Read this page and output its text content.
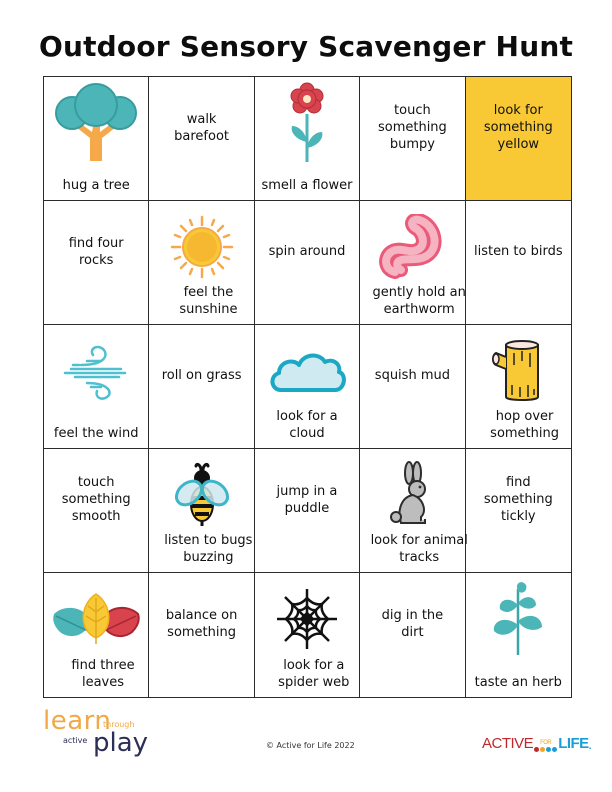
Outdoor Sensory Scavenger Hunt
hug a tree
walk barefoot
smell a flower
touch something bumpy
look for something yellow
find four rocks
feel the sunshine
spin around
gently hold an earthworm
listen to birds
feel the wind
roll on grass
look for a cloud
squish mud
hop over something
touch something smooth
listen to bugs buzzing
jump in a puddle
look for animal tracks
find something tickly
find three leaves
balance on something
look for a spider web
dig in the dirt
taste an herb
learn
through
active play	© Active for Life 2022	ACTIVE FOR LIFE .
